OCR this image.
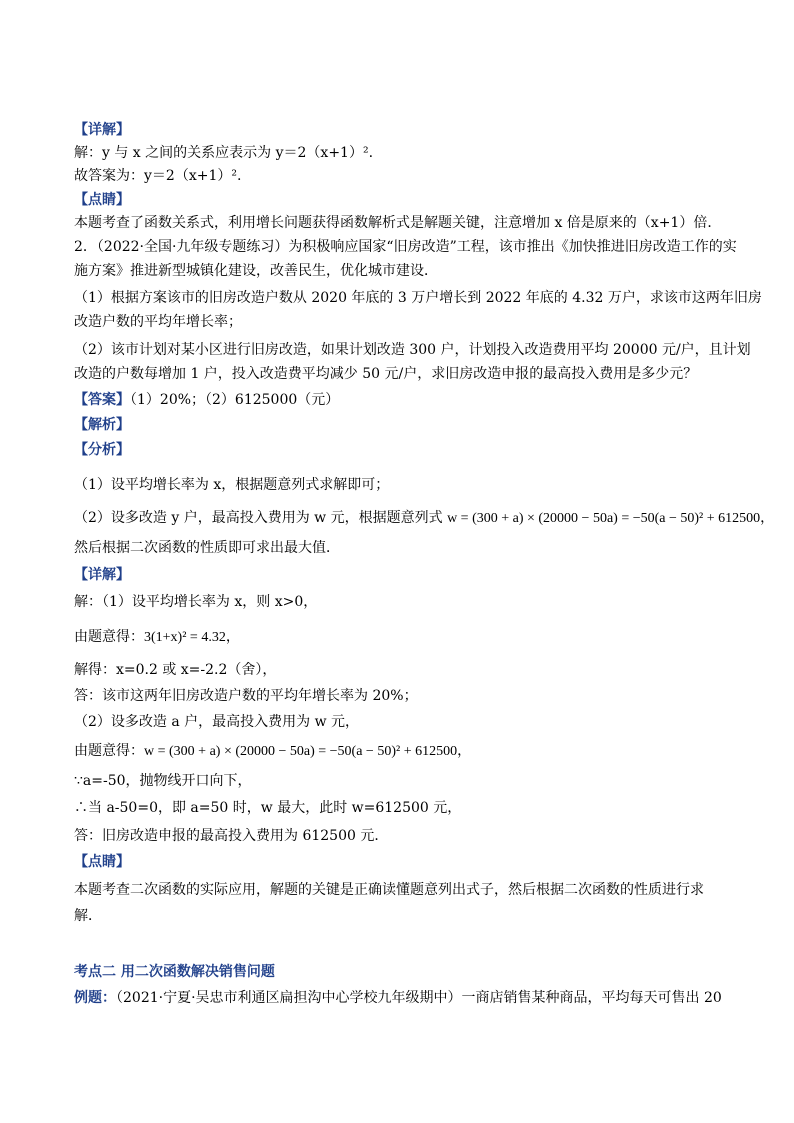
【详解】
解：y 与 x 之间的关系应表示为 y＝2（x+1）².
故答案为：y＝2（x+1）².
【点睛】
本题考查了函数关系式，利用增长问题获得函数解析式是解题关键，注意增加 x 倍是原来的（x+1）倍．
2．（2022·全国·九年级专题练习）为积极响应国家“旧房改造”工程，该市推出《加快推进旧房改造工作的实
施方案》推进新型城镇化建设，改善民生，优化城市建设．
（1）根据方案该市的旧房改造户数从 2020 年底的 3 万户增长到 2022 年底的 4.32 万户，求该市这两年旧房
改造户数的平均年增长率；
（2）该市计划对某小区进行旧房改造，如果计划改造 300 户，计划投入改造费用平均 20000 元/户，且计划
改造的户数每增加 1 户，投入改造费平均减少 50 元/户，求旧房改造申报的最高投入费用是多少元？
【答案】（1）20%；（2）6125000（元）
【解析】
【分析】
（1）设平均增长率为 x，根据题意列式求解即可；
（2）设多改造 y 户，最高投入费用为 w 元，根据题意列式 w = (300 + a) × (20000 − 50a) = −50(a − 50)² + 612500，
然后根据二次函数的性质即可求出最大值．
【详解】
解：（1）设平均增长率为 x，则 x>0，
由题意得：3(1+x)² = 4.32，
解得：x=0.2 或 x=-2.2（舍），
答：该市这两年旧房改造户数的平均年增长率为 20%；
（2）设多改造 a 户，最高投入费用为 w 元，
由题意得：w = (300 + a) × (20000 − 50a) = −50(a − 50)² + 612500，
∵a=-50，抛物线开口向下，
∴当 a-50=0，即 a=50 时，w 最大，此时 w=612500 元，
答：旧房改造申报的最高投入费用为 612500 元．
【点睛】
本题考查二次函数的实际应用，解题的关键是正确读懂题意列出式子，然后根据二次函数的性质进行求
解．
考点二 用二次函数解决销售问题
例题：（2021·宁夏·吴忠市利通区扁担沟中心学校九年级期中）一商店销售某种商品，平均每天可售出 20
